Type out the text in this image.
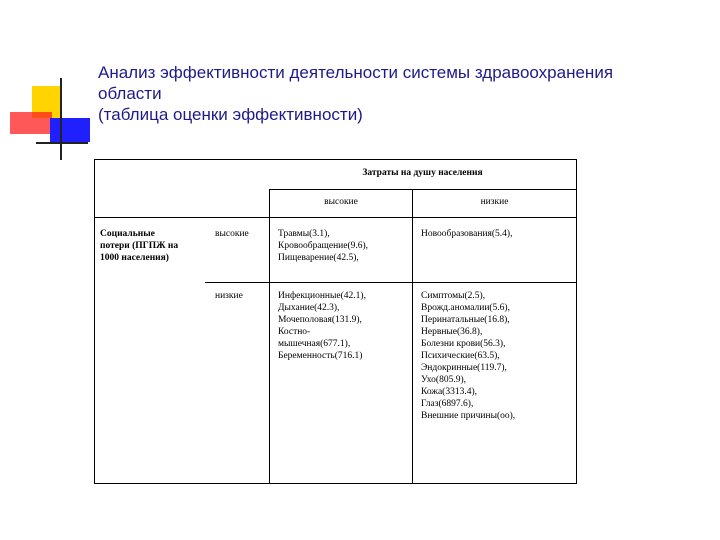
Анализ эффективности деятельности системы здравоохранения
области
(таблица оценки эффективности)
Затраты на душу населения
высокие	низкие
Социальные
потери (ПГПЖ на
1000 населения)
высокие
низкие
Травмы(3.1),
Кровообращение(9.6),
Пищеварение(42.5),
Новообразования(5.4),
Инфекционные(42.1),
Дыхание(42.3),
Мочеполовая(131.9),
Костно-
мышечная(677.1),
Беременность(716.1)
Симптомы(2.5),
Врожд.аномалии(5.6),
Перинатальные(16.8),
Нервные(36.8),
Болезни крови(56.3),
Психические(63.5),
Эндокринные(119.7),
Ухо(805.9),
Кожа(3313.4),
Глаз(6897.6),
Внешние причины(оо),
